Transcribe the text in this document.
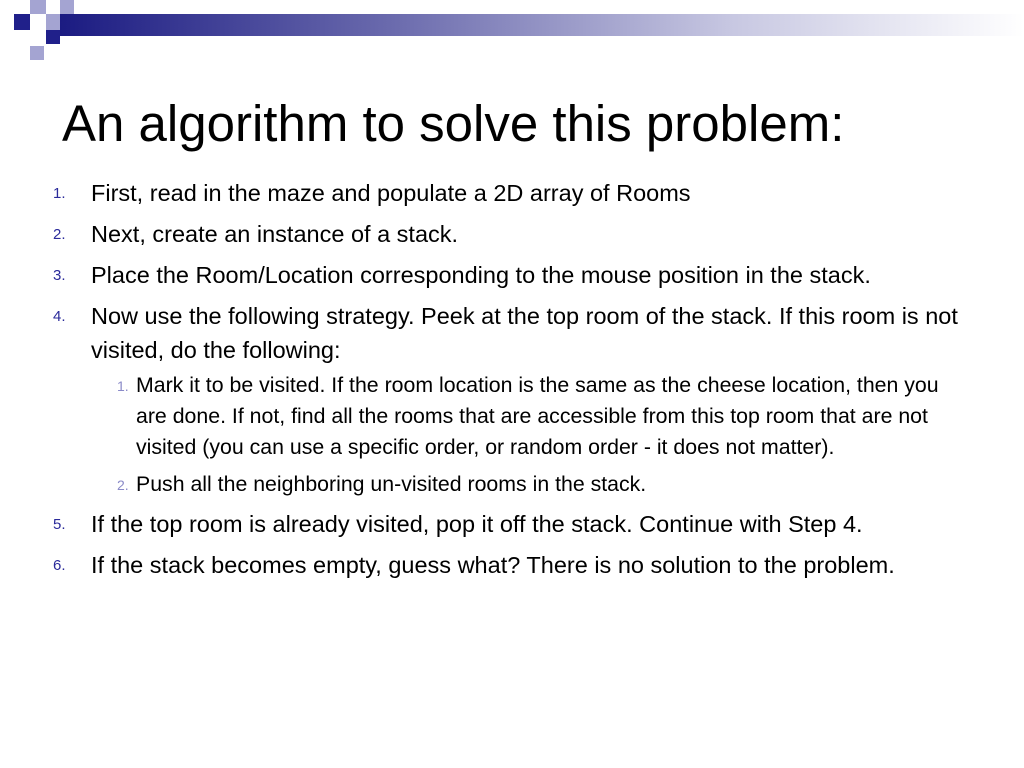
An algorithm to solve this problem:
1. First, read in the maze and populate a 2D array of Rooms
2. Next, create an instance of a stack.
3. Place the Room/Location corresponding to the mouse position in the stack.
4. Now use the following strategy. Peek at the top room of the stack. If this room is not visited, do the following:
1. Mark it to be visited. If the room location is the same as the cheese location, then you are done. If not, find all the rooms that are accessible from this top room that are not visited (you can use a specific order, or random order - it does not matter).
2. Push all the neighboring un-visited rooms in the stack.
5. If the top room is already visited, pop it off the stack. Continue with Step 4.
6. If the stack becomes empty, guess what? There is no solution to the problem.
